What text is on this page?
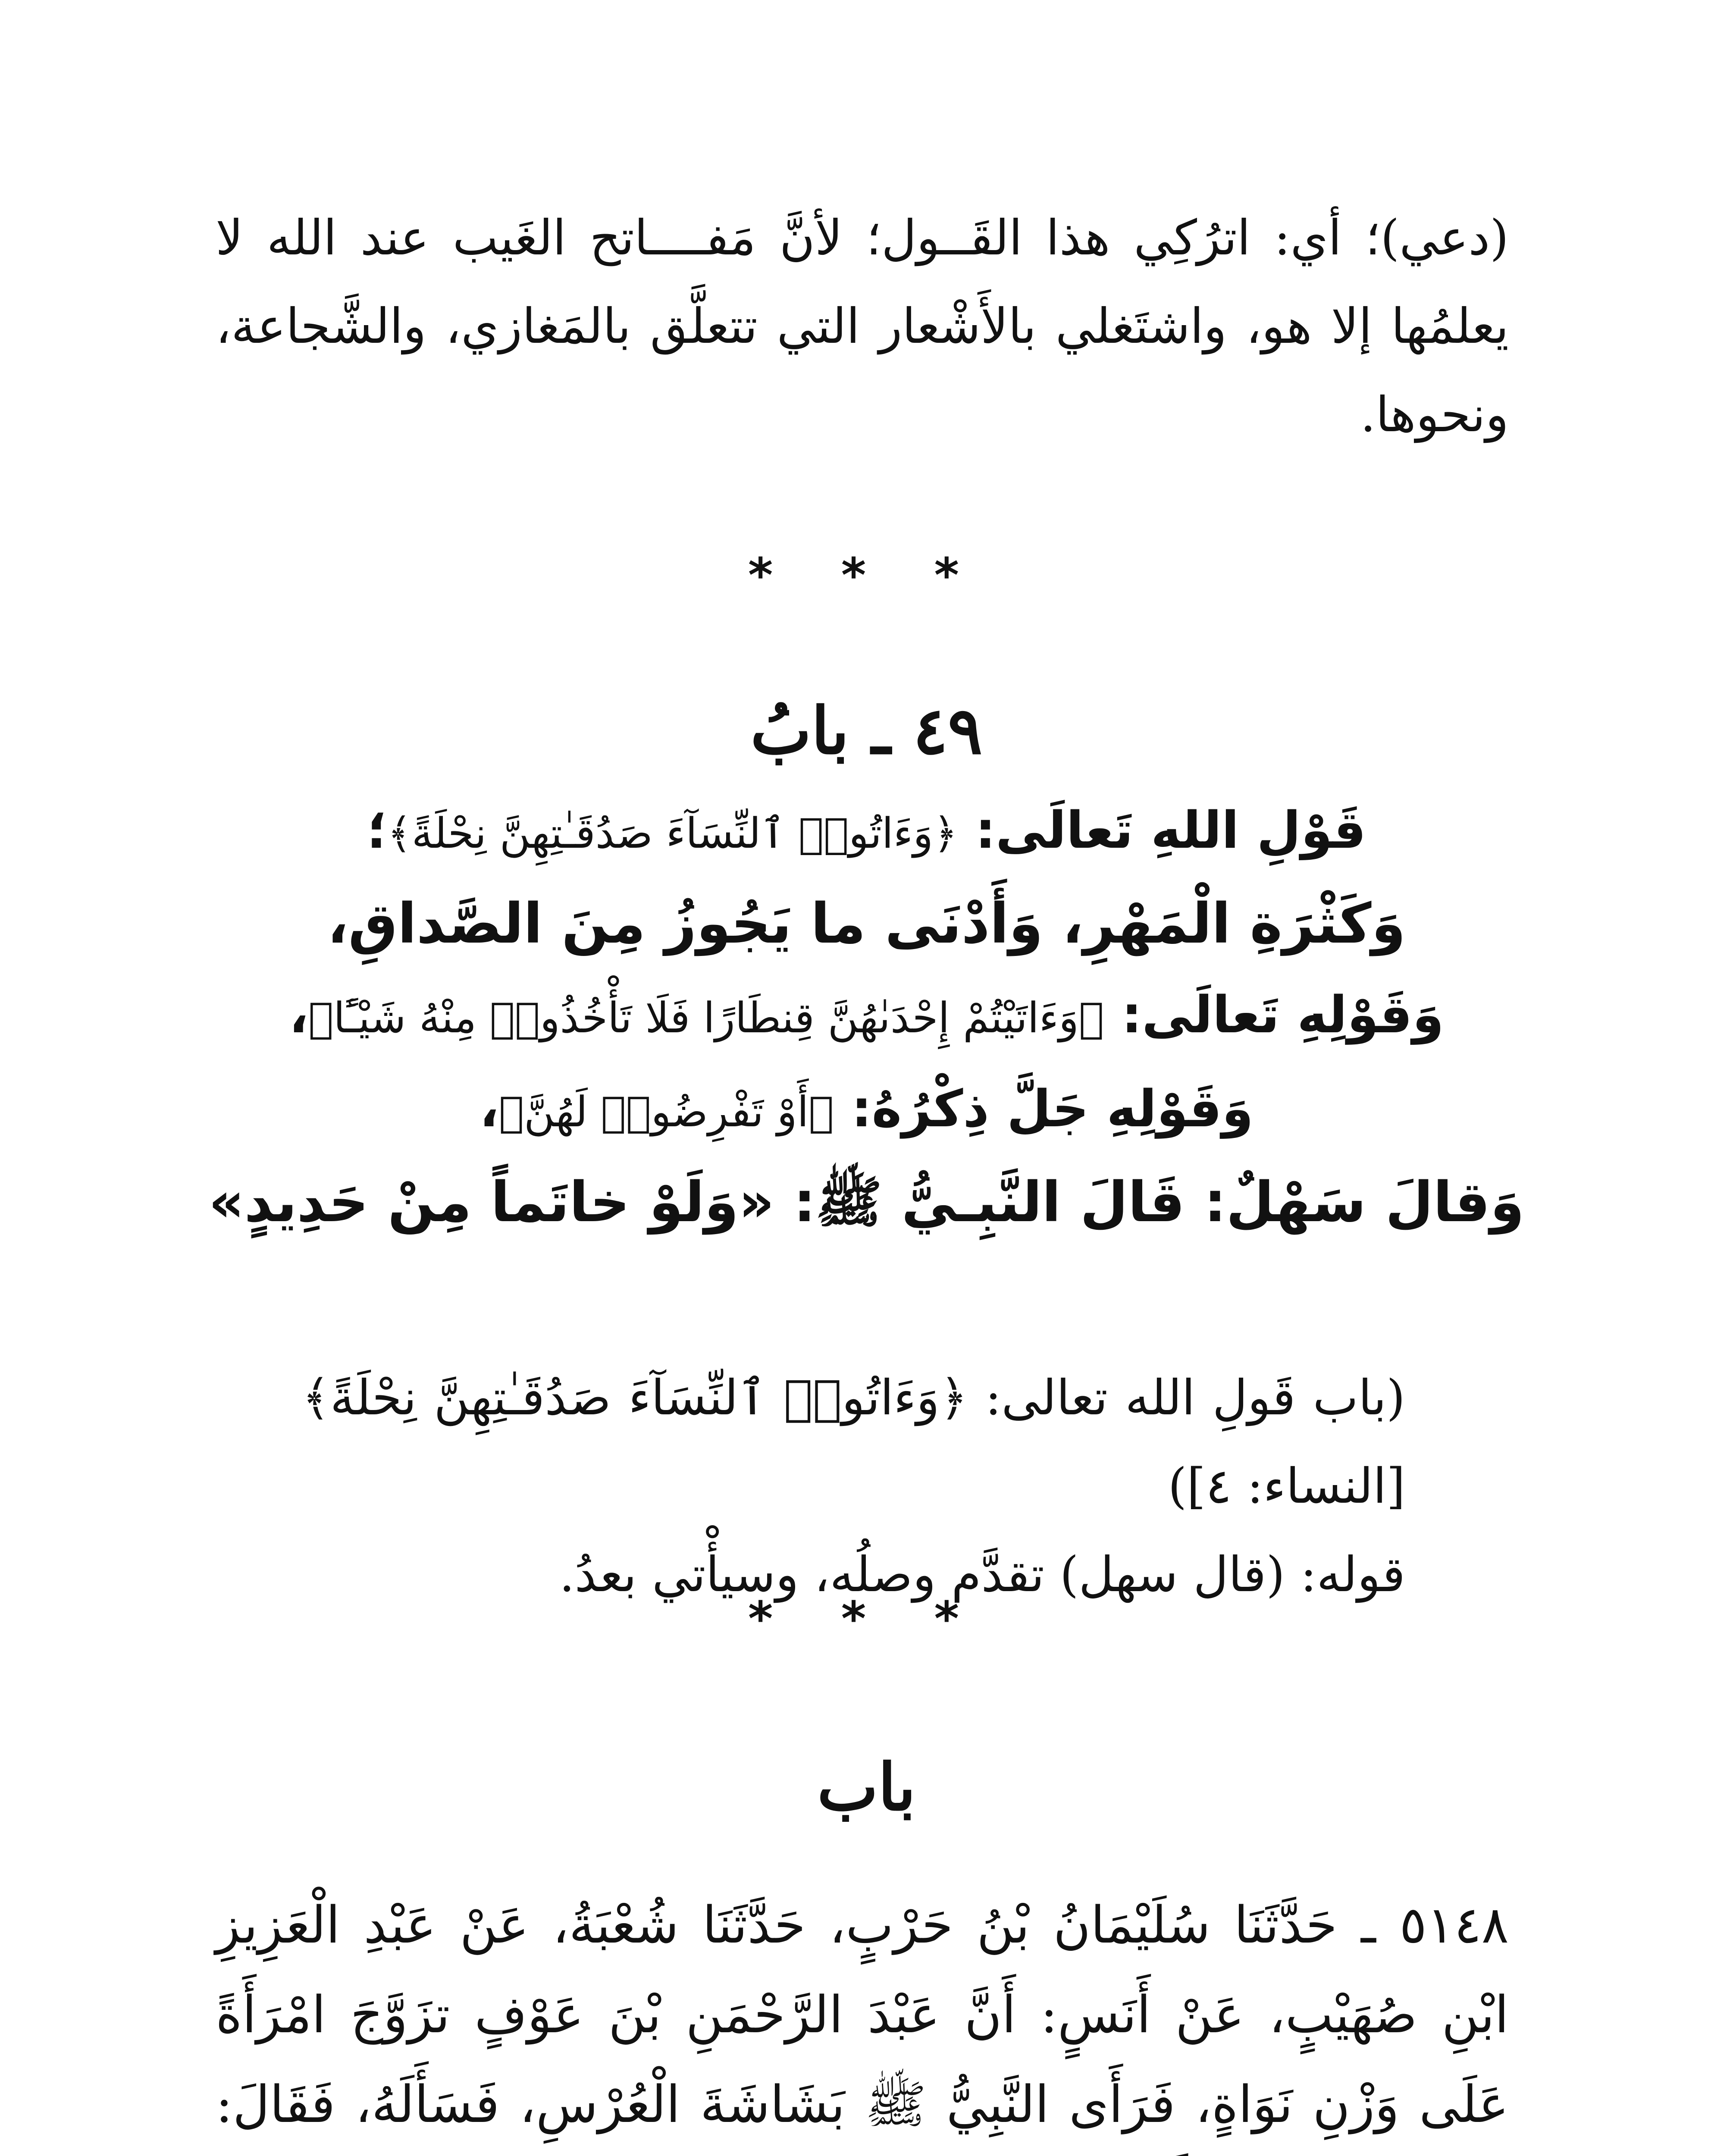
(دعي)؛ أي: اترُكِي هذا القَــول؛ لأنَّ مَفــــاتح الغَيب عند الله لا يعلمُها إلا هو، واشتَغلي بالأَشْعار التي تتعلَّق بالمَغازي، والشَّجاعة، ونحوها.

* * *
٤٩ ـ بابُ
قَوْلِ اللهِ تَعالَى: ﴿وَءَاتُوا۟ ٱلنِّسَآءَ صَدُقَـٰتِهِنَّ نِحْلَةً﴾؛
وَكَثْرَةِ الْمَهْرِ، وَأَدْنَى ما يَجُوزُ مِنَ الصَّداقِ،
وَقَوْلِهِ تَعالَى: ﴿وَءَاتَيْتُمْ إِحْدَىٰهُنَّ قِنطَارًا فَلَا تَأْخُذُوا۟ مِنْهُ شَيْـًٔا﴾،
وَقَوْلِهِ جَلَّ ذِكْرُهُ: ﴿أَوْ تَفْرِضُوا۟ لَهُنَّ﴾،
وَقالَ سَهْلٌ: قَالَ النَّبِـيُّ ﷺ: «وَلَوْ خاتَماً مِنْ حَدِيدٍ»
(باب قَولِ الله تعالى: ﴿وَءَاتُوا۟ ٱلنِّسَآءَ صَدُقَـٰتِهِنَّ نِحْلَةً﴾ [النساء: ٤])
قوله: (قال سهل) تقدَّم وصلُه، وسيأْتي بعدُ.
* * *
باب

٥١٤٨ ـ حَدَّثَنَا سُلَيْمَانُ بْنُ حَرْبٍ، حَدَّثَنَا شُعْبَةُ، عَنْ عَبْدِ الْعَزِيزِ ابْنِ صُهَيْبٍ، عَنْ أَنَسٍ: أَنَّ عَبْدَ الرَّحْمَنِ بْنَ عَوْفٍ تزَوَّجَ امْرَأَةً عَلَى وَزْنِ نَوَاةٍ، فَرَأَى النَّبِيُّ ﷺ بَشَاشَةَ الْعُرْسِ، فَسَأَلَهُ، فَقَالَ:
